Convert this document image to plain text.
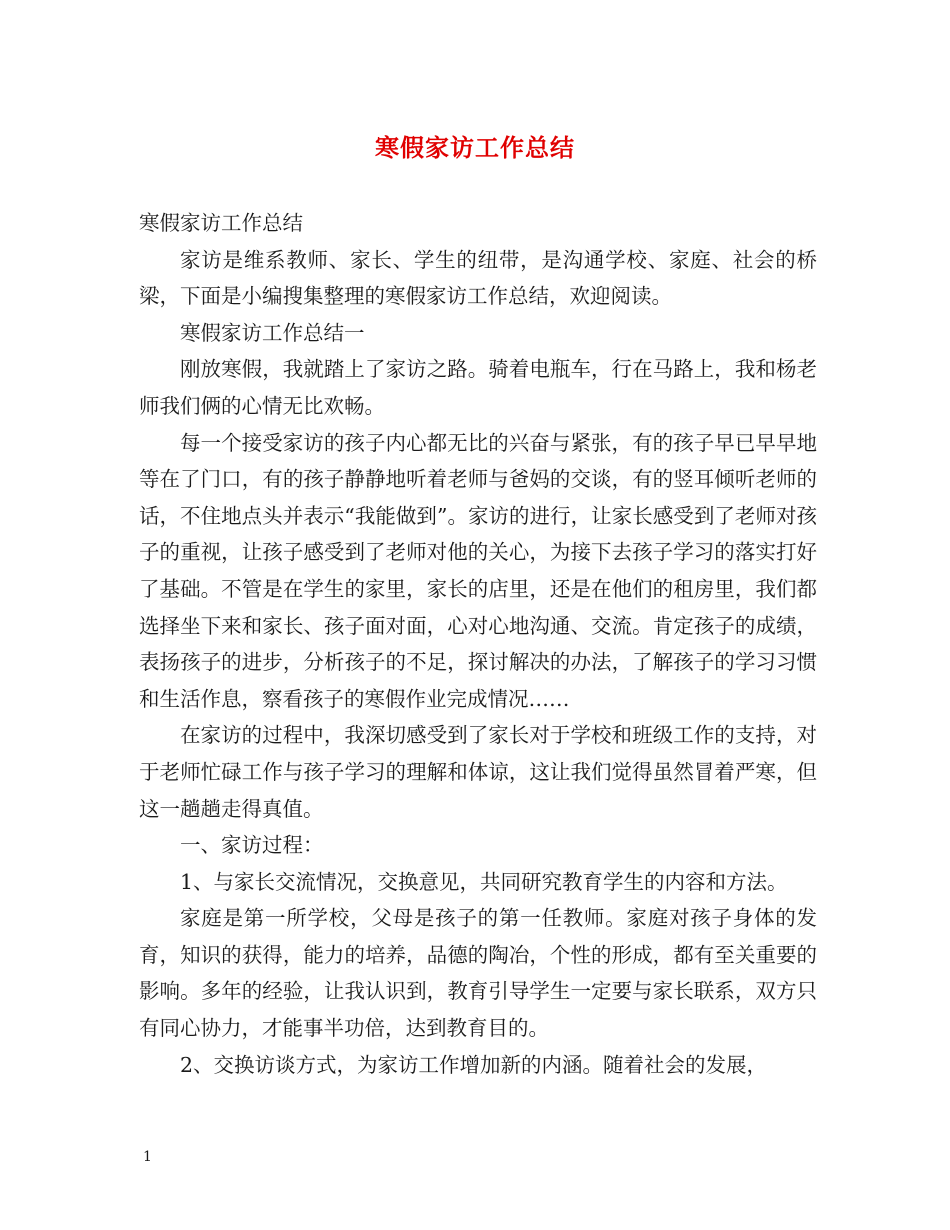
寒假家访工作总结

寒假家访工作总结

家访是维系教师、家长、学生的纽带，是沟通学校、家庭、社会的桥梁，下面是小编搜集整理的寒假家访工作总结，欢迎阅读。

寒假家访工作总结一

刚放寒假，我就踏上了家访之路。骑着电瓶车，行在马路上，我和杨老师我们俩的心情无比欢畅。

每一个接受家访的孩子内心都无比的兴奋与紧张，有的孩子早已早早地等在了门口，有的孩子静静地听着老师与爸妈的交谈，有的竖耳倾听老师的话，不住地点头并表示“我能做到”。家访的进行，让家长感受到了老师对孩子的重视，让孩子感受到了老师对他的关心，为接下去孩子学习的落实打好了基础。不管是在学生的家里，家长的店里，还是在他们的租房里，我们都选择坐下来和家长、孩子面对面，心对心地沟通、交流。肯定孩子的成绩，表扬孩子的进步，分析孩子的不足，探讨解决的办法，了解孩子的学习习惯和生活作息，察看孩子的寒假作业完成情况……

在家访的过程中，我深切感受到了家长对于学校和班级工作的支持，对于老师忙碌工作与孩子学习的理解和体谅，这让我们觉得虽然冒着严寒，但这一趟趟走得真值。

一、家访过程：

1、与家长交流情况，交换意见，共同研究教育学生的内容和方法。

家庭是第一所学校，父母是孩子的第一任教师。家庭对孩子身体的发育，知识的获得，能力的培养，品德的陶冶，个性的形成，都有至关重要的影响。多年的经验，让我认识到，教育引导学生一定要与家长联系，双方只有同心协力，才能事半功倍，达到教育目的。

2、交换访谈方式，为家访工作增加新的内涵。随着社会的发展，

1
